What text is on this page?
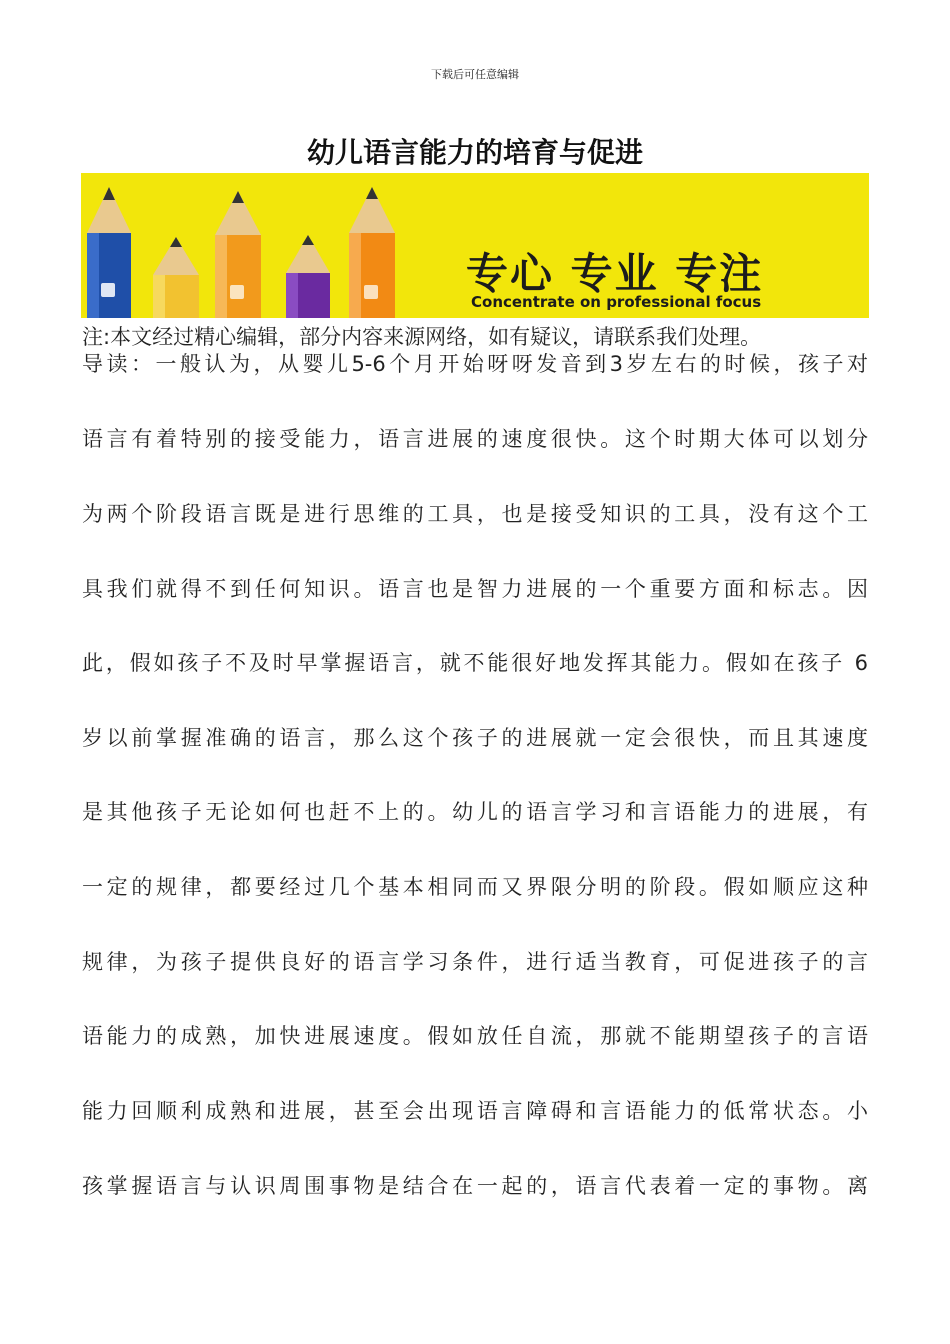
下载后可任意编辑
幼儿语言能力的培育与促进
专心 专业 专注
Concentrate on professional focus
注:本文经过精心编辑，部分内容来源网络，如有疑议，请联系我们处理。
导读：一般认为，从婴儿5-6个月开始呀呀发音到3岁左右的时候，孩子对
语言有着特别的接受能力，语言进展的速度很快。这个时期大体可以划分
为两个阶段语言既是进行思维的工具，也是接受知识的工具，没有这个工
具我们就得不到任何知识。语言也是智力进展的一个重要方面和标志。因
此，假如孩子不及时早掌握语言，就不能很好地发挥其能力。假如在孩子 6
岁以前掌握准确的语言，那么这个孩子的进展就一定会很快，而且其速度
是其他孩子无论如何也赶不上的。幼儿的语言学习和言语能力的进展，有
一定的规律，都要经过几个基本相同而又界限分明的阶段。假如顺应这种
规律，为孩子提供良好的语言学习条件，进行适当教育，可促进孩子的言
语能力的成熟，加快进展速度。假如放任自流，那就不能期望孩子的言语
能力回顺利成熟和进展，甚至会出现语言障碍和言语能力的低常状态。小
孩掌握语言与认识周围事物是结合在一起的，语言代表着一定的事物。离
